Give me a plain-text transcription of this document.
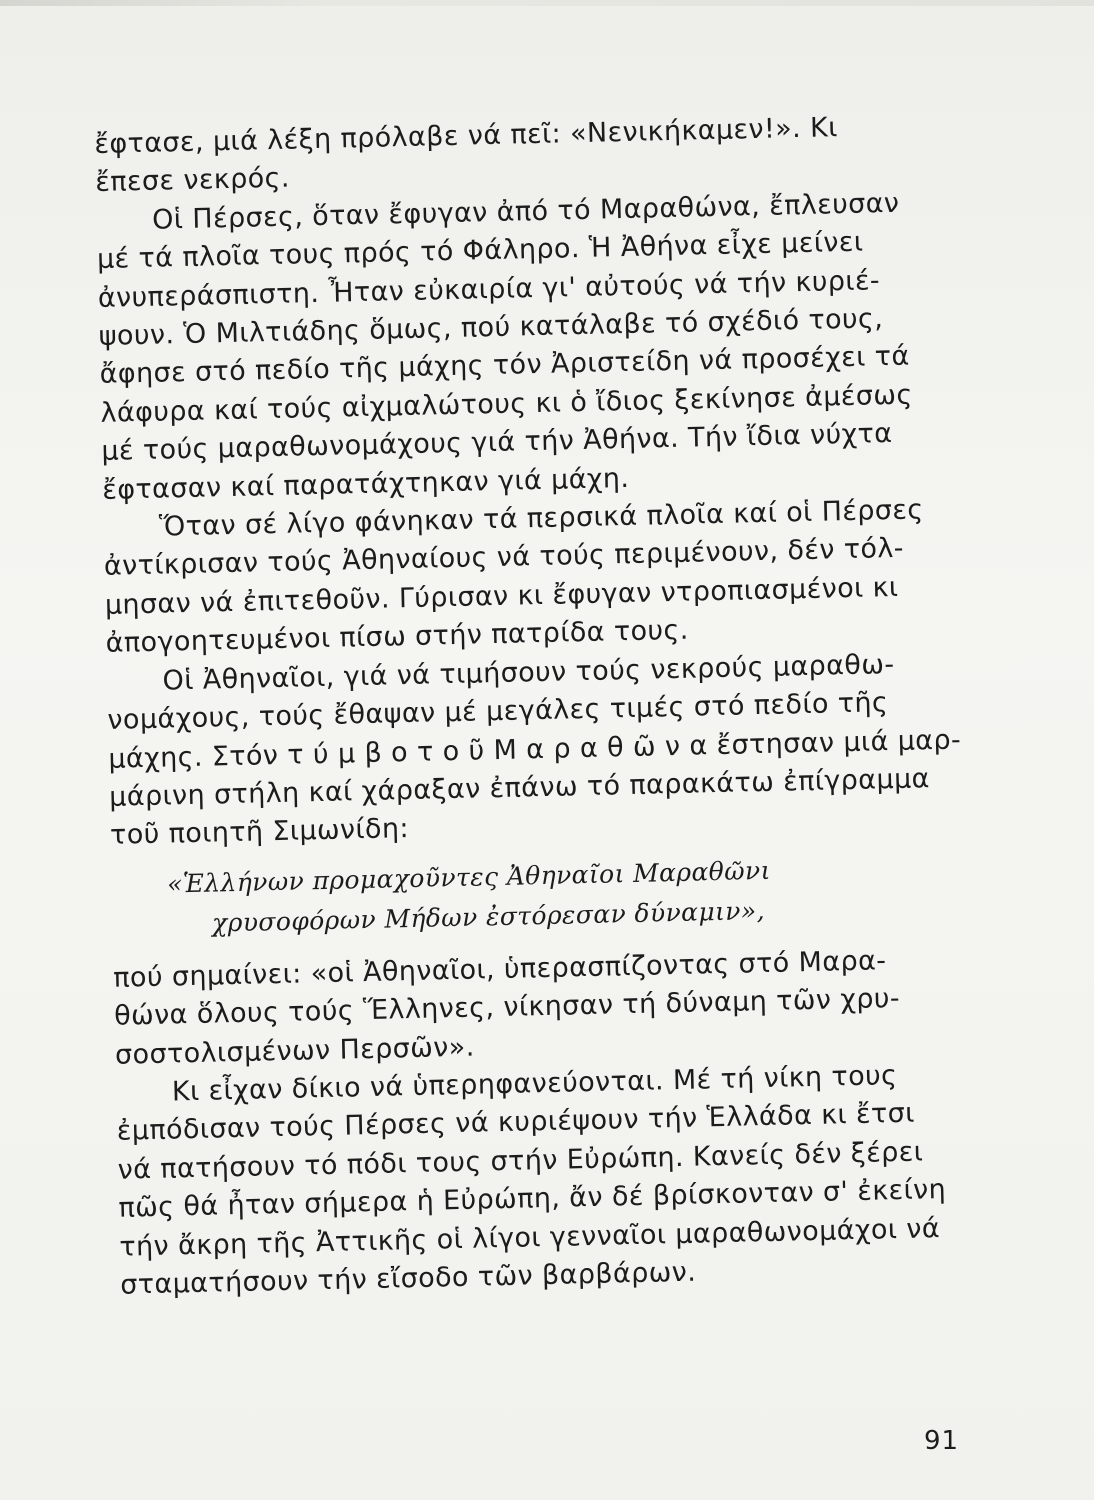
ἔφτασε, μιά λέξη πρόλαβε νά πεῖ: «Νενικήκαμεν!». Κι
ἔπεσε νεκρός.
Οἱ Πέρσες, ὅταν ἔφυγαν ἀπό τό Μαραθώνα, ἔπλευσαν
μέ τά πλοῖα τους πρός τό Φάληρο. Ἡ Ἀθήνα εἶχε μείνει
ἀνυπεράσπιστη. Ἦταν εὐκαιρία γι' αὐτούς νά τήν κυριέ-
ψουν. Ὁ Μιλτιάδης ὅμως, πού κατάλαβε τό σχέδιό τους,
ἄφησε στό πεδίο τῆς μάχης τόν Ἀριστείδη νά προσέχει τά
λάφυρα καί τούς αἰχμαλώτους κι ὁ ἴδιος ξεκίνησε ἀμέσως
μέ τούς μαραθωνομάχους γιά τήν Ἀθήνα. Τήν ἴδια νύχτα
ἔφτασαν καί παρατάχτηκαν γιά μάχη.
Ὅταν σέ λίγο φάνηκαν τά περσικά πλοῖα καί οἱ Πέρσες
ἀντίκρισαν τούς Ἀθηναίους νά τούς περιμένουν, δέν τόλ-
μησαν νά ἐπιτεθοῦν. Γύρισαν κι ἔφυγαν ντροπιασμένοι κι
ἀπογοητευμένοι πίσω στήν πατρίδα τους.
Οἱ Ἀθηναῖοι, γιά νά τιμήσουν τούς νεκρούς μαραθω-
νομάχους, τούς ἔθαψαν μέ μεγάλες τιμές στό πεδίο τῆς
μάχης. Στόν τ ύ μ β ο τ ο ῦ Μ α ρ α θ ῶ ν α ἔστησαν μιά μαρ-
μάρινη στήλη καί χάραξαν ἐπάνω τό παρακάτω ἐπίγραμμα
τοῦ ποιητῆ Σιμωνίδη:
«Ἑλλήνων προμαχοῦντες Ἀθηναῖοι Μαραθῶνι
χρυσοφόρων Μήδων ἐστόρεσαν δύναμιν»,
πού σημαίνει: «οἱ Ἀθηναῖοι, ὑπερασπίζοντας στό Μαρα-
θώνα ὅλους τούς Ἕλληνες, νίκησαν τή δύναμη τῶν χρυ-
σοστολισμένων Περσῶν».
Κι εἶχαν δίκιο νά ὑπερηφανεύονται. Μέ τή νίκη τους
ἐμπόδισαν τούς Πέρσες νά κυριέψουν τήν Ἑλλάδα κι ἔτσι
νά πατήσουν τό πόδι τους στήν Εὐρώπη. Κανείς δέν ξέρει
πῶς θά ἦταν σήμερα ἡ Εὐρώπη, ἄν δέ βρίσκονταν σ' ἐκείνη
τήν ἄκρη τῆς Ἀττικῆς οἱ λίγοι γενναῖοι μαραθωνομάχοι νά
σταματήσουν τήν εἴσοδο τῶν βαρβάρων.
91
